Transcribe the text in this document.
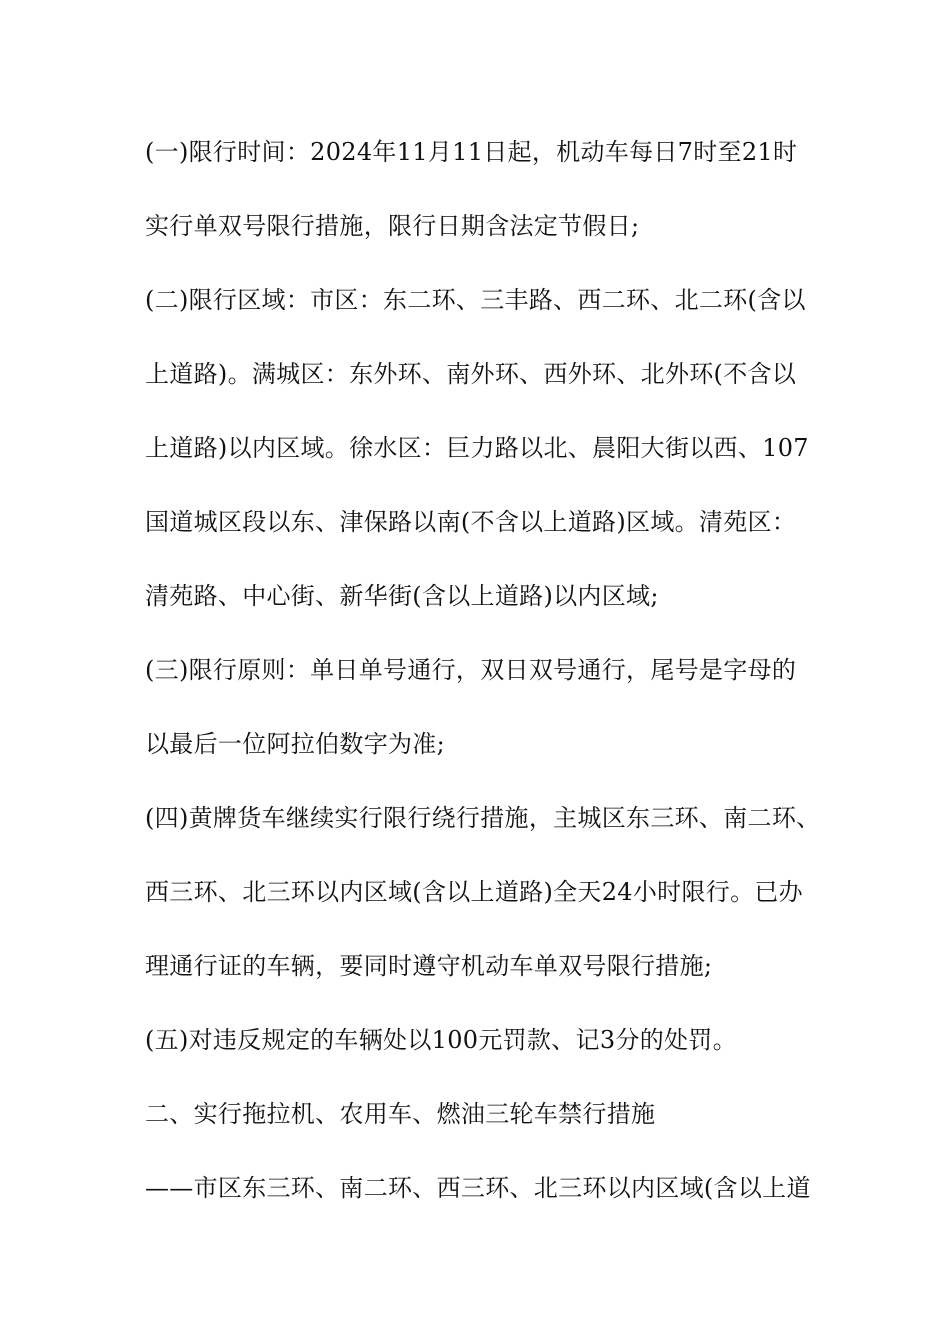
(一)限行时间：2024年11月11日起，机动车每日7时至21时
实行单双号限行措施，限行日期含法定节假日;
(二)限行区域：市区：东二环、三丰路、西二环、北二环(含以
上道路)。满城区：东外环、南外环、西外环、北外环(不含以
上道路)以内区域。徐水区：巨力路以北、晨阳大街以西、107
国道城区段以东、津保路以南(不含以上道路)区域。清苑区：
清苑路、中心街、新华街(含以上道路)以内区域;
(三)限行原则：单日单号通行，双日双号通行，尾号是字母的
以最后一位阿拉伯数字为准;
(四)黄牌货车继续实行限行绕行措施，主城区东三环、南二环、
西三环、北三环以内区域(含以上道路)全天24小时限行。已办
理通行证的车辆，要同时遵守机动车单双号限行措施;
(五)对违反规定的车辆处以100元罚款、记3分的处罚。
二、实行拖拉机、农用车、燃油三轮车禁行措施
——市区东三环、南二环、西三环、北三环以内区域(含以上道
